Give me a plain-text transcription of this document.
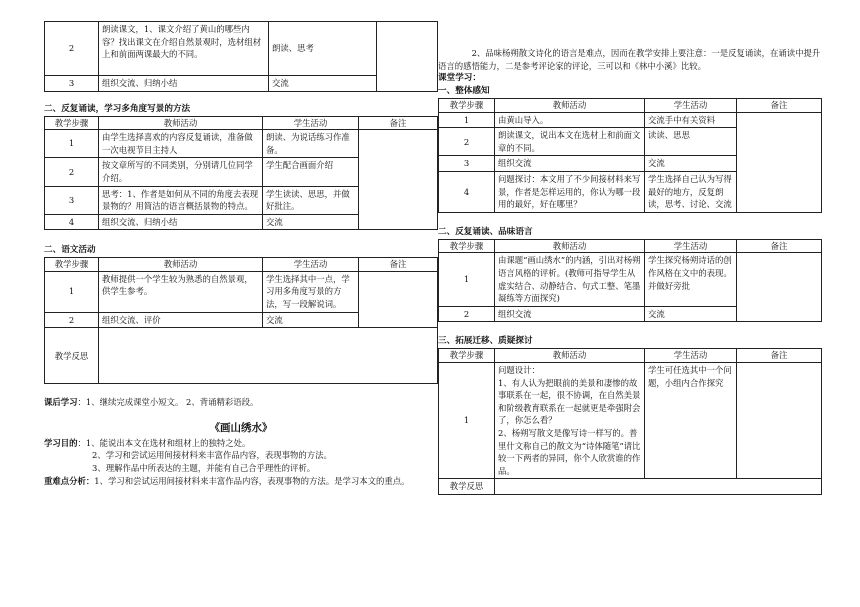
2	朗读课文，1、课文介绍了黄山的哪些内容？找出课文在介绍自然景观时，选材组材上和前面两课最大的不同。	朗读、思考	
3	组织交流、归纳小结	交流	

二、反复诵读，学习多角度写景的方法

教学步骤	教师活动	学生活动	备注
1	由学生选择喜欢的内容反复诵读，准备做一次电视节目主持人	朗读、为说话练习作准备。	
2	按文章所写的不同类别，分别请几位同学介绍。	学生配合画面介绍	
3	思考：1、作者是如何从不同的角度去表现景物的？用简洁的语言概括景物的特点。	学生读读、思思，并做好批注。	
4	组织交流、归纳小结	交流	

二、语文活动

教学步骤	教师活动	学生活动	备注
1	教师提供一个学生较为熟悉的自然景观，供学生参考。	学生选择其中一点，学习用多角度写景的方法，写一段解说词。	
2	组织交流、评价	交流	
教学反思			

课后学习：1、继续完成课堂小短文。 2、背诵精彩语段。

《画山绣水》

学习目的：1、能说出本文在选材和组材上的独特之处。

2、学习和尝试运用间接材料来丰富作品内容，表现事物的方法。

3、理解作品中所表达的主题，并能有自己合乎理性的评析。

重难点分析：1、学习和尝试运用间接材料来丰富作品内容，表现事物的方法。是学习本文的重点。

2、品味杨朔散文诗化的语言是难点，因而在教学安排上要注意：一是反复诵读，在诵读中提升语言的感悟能力，二是参考评论家的评论，三可以和《林中小溪》比较。

课堂学习：

一、整体感知

教学步骤	教师活动	学生活动	备注
1	由黄山导入。	交流手中有关资料	
2	朗读课文，说出本文在选材上和前面文章的不同。	读读、思思	
3	组织交流	交流	
4	问题探讨：本文用了不少间接材料来写景，作者是怎样运用的，你认为哪一段用的最好，好在哪里？	学生选择自己认为写得最好的地方，反复朗读，思考、讨论、交流	

二、反复诵读、品味语言

教学步骤	教师活动	学生活动	备注
1	由课题“画山绣水”的内涵，引出对杨朔语言风格的评析。(教师可指导学生从虚实结合、动静结合、句式工整、笔墨凝练等方面探究)	学生探究杨朔诗话的创作风格在文中的表现。并做好旁批	
2	组织交流	交流	

三、拓展迁移、质疑探讨

教学步骤	教师活动	学生活动	备注
1	问题设计：
1、有人认为把眼前的美景和凄惨的故事联系在一起，很不协调，在自然美景和阶级教育联系在一起就更是牵强附会了，你怎么看？
2、杨朔写散文是像写诗一样写的。普里什文称自己的散文为“诗体随笔”请比较一下两者的异同，你个人欣赏谁的作品。	学生可任选其中一个问题，小组内合作探究	
教学反思			
